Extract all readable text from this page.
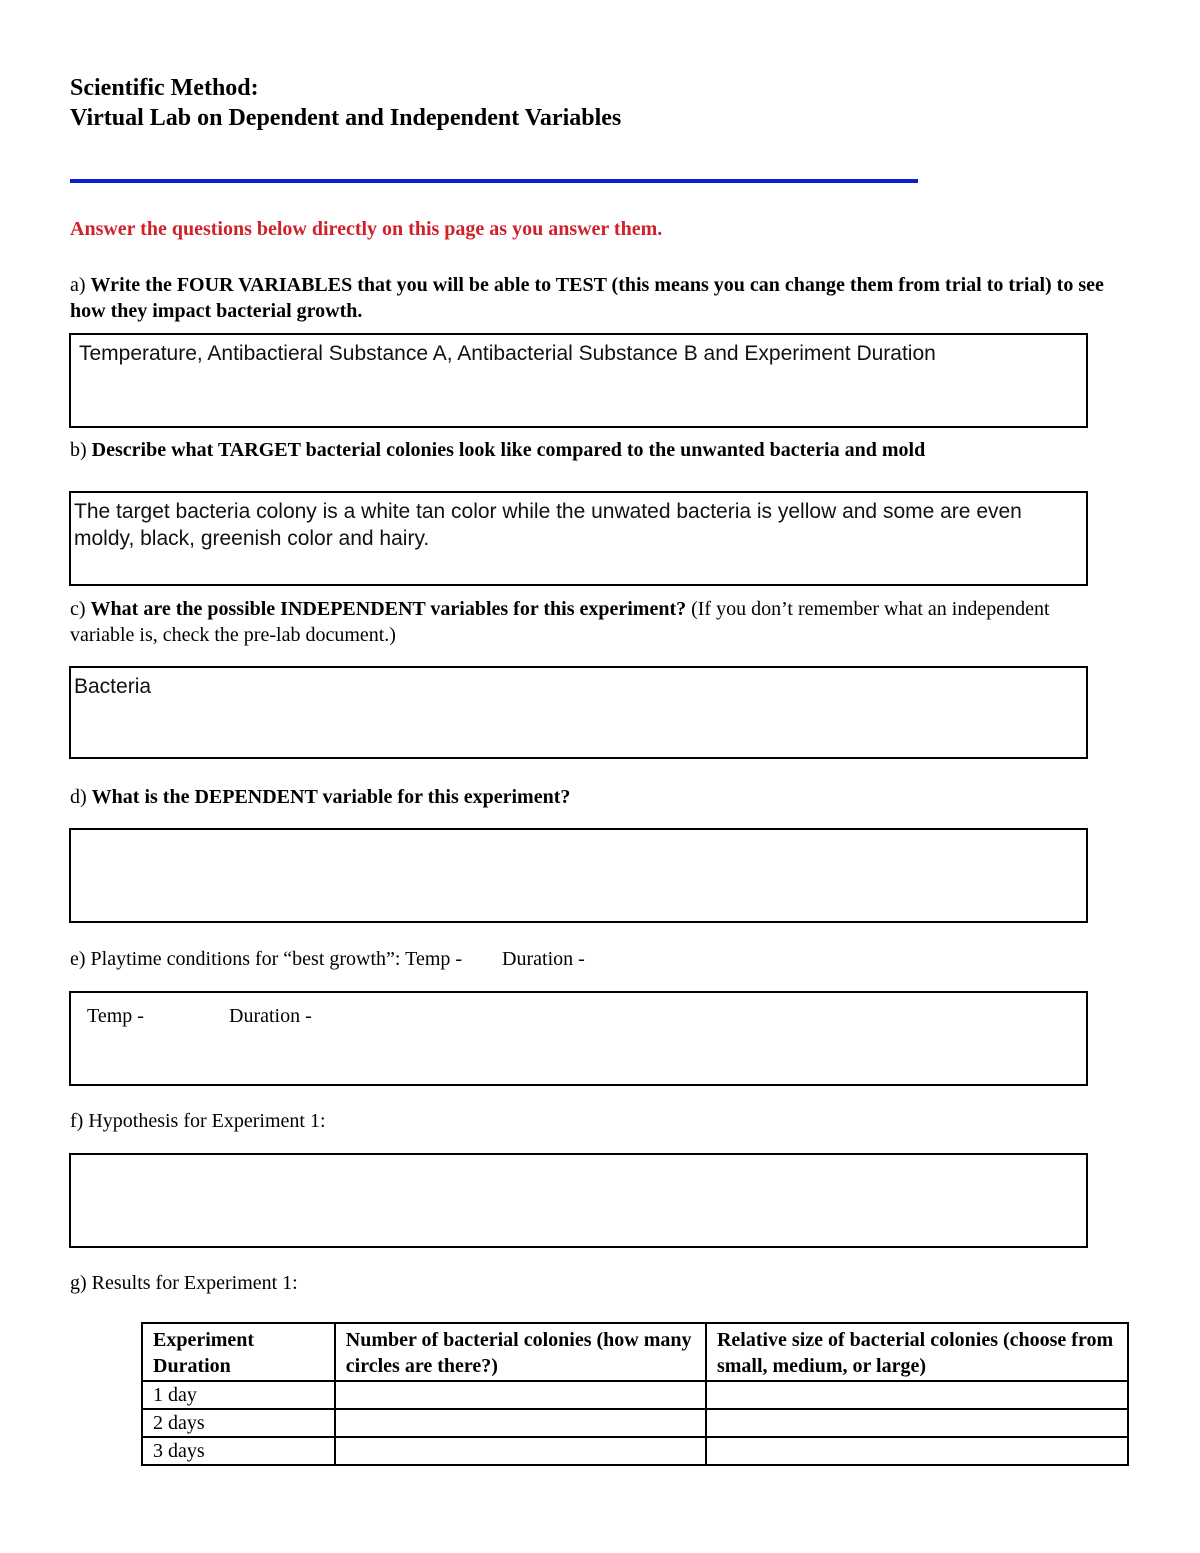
Scientific Method:
Virtual Lab on Dependent and Independent Variables
Answer the questions below directly on this page as you answer them.
a) Write the FOUR VARIABLES that you will be able to TEST (this means you can change them from trial to trial) to see how they impact bacterial growth.
Temperature, Antibactieral Substance A, Antibacterial Substance B and Experiment Duration
b) Describe what TARGET bacterial colonies look like compared to the unwanted bacteria and mold
The target bacteria colony is a white tan color while the unwated bacteria is yellow and some are even moldy, black, greenish color and hairy.
c) What are the possible INDEPENDENT variables for this experiment? (If you don’t remember what an independent variable is, check the pre-lab document.)
Bacteria
d) What is the DEPENDENT variable for this experiment?
e) Playtime conditions for “best growth”: Temp -        Duration -
Temp -	Duration -
f) Hypothesis for Experiment 1:
g) Results for Experiment 1:
Experiment Duration	Number of bacterial colonies (how many circles are there?)	Relative size of bacterial colonies (choose from small, medium, or large)
1 day		
2 days		
3 days		
